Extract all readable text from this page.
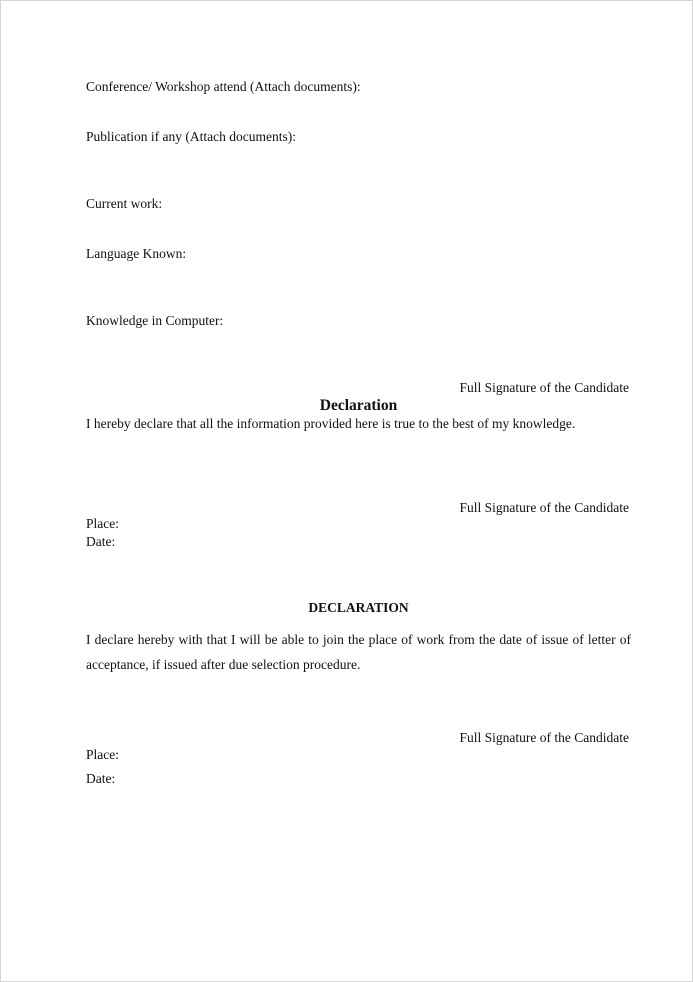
Conference/ Workshop attend (Attach documents):
Publication if any (Attach documents):
Current work:
Language Known:
Knowledge in Computer:
Full Signature of the Candidate
Declaration
I hereby declare that all the information provided here is true to the best of my knowledge.
Full Signature of the Candidate
Place:
Date:
DECLARATION
I declare hereby with that I will be able to join the place of work from the date of issue of letter of acceptance, if issued after due selection procedure.
Full Signature of the Candidate
Place:
Date:
